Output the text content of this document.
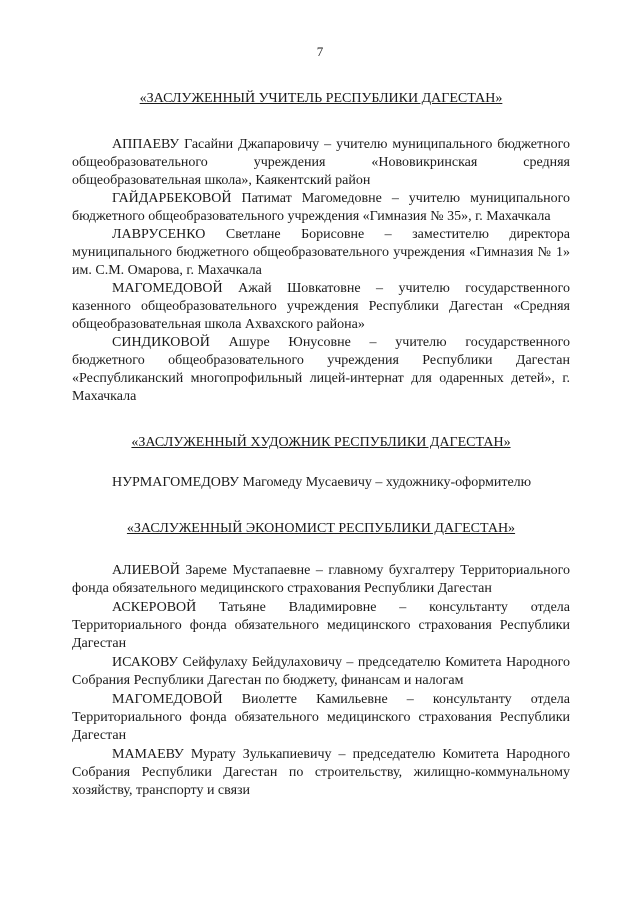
7

«ЗАСЛУЖЕННЫЙ УЧИТЕЛЬ РЕСПУБЛИКИ ДАГЕСТАН»

АППАЕВУ Гасайни Джапаровичу – учителю муниципального бюджетного общеобразовательного учреждения «Нововикринская средняя общеобразовательная школа», Каякентский район

ГАЙДАРБЕКОВОЙ Патимат Магомедовне – учителю муниципального бюджетного общеобразовательного учреждения «Гимназия № 35», г. Махачкала

ЛАВРУСЕНКО Светлане Борисовне – заместителю директора муниципального бюджетного общеобразовательного учреждения «Гимназия № 1» им. С.М. Омарова, г. Махачкала

МАГОМЕДОВОЙ Ажай Шовкатовне – учителю государственного казенного общеобразовательного учреждения Республики Дагестан «Средняя общеобразовательная школа Ахвахского района»

СИНДИКОВОЙ Ашуре Юнусовне – учителю государственного бюджетного общеобразовательного учреждения Республики Дагестан «Республиканский многопрофильный лицей-интернат для одаренных детей», г. Махачкала

«ЗАСЛУЖЕННЫЙ ХУДОЖНИК РЕСПУБЛИКИ ДАГЕСТАН»

НУРМАГОМЕДОВУ Магомеду Мусаевичу – художнику-оформителю

«ЗАСЛУЖЕННЫЙ ЭКОНОМИСТ РЕСПУБЛИКИ ДАГЕСТАН»

АЛИЕВОЙ Зареме Мустапаевне – главному бухгалтеру Территориального фонда обязательного медицинского страхования Республики Дагестан

АСКЕРОВОЙ Татьяне Владимировне – консультанту отдела Территориального фонда обязательного медицинского страхования Республики Дагестан

ИСАКОВУ Сейфулаху Бейдулаховичу – председателю Комитета Народного Собрания Республики Дагестан по бюджету, финансам и налогам

МАГОМЕДОВОЙ Виолетте Камильевне – консультанту отдела Территориального фонда обязательного медицинского страхования Республики Дагестан

МАМАЕВУ Мурату Зулькапиевичу – председателю Комитета Народного Собрания Республики Дагестан по строительству, жилищно-коммунальному хозяйству, транспорту и связи
